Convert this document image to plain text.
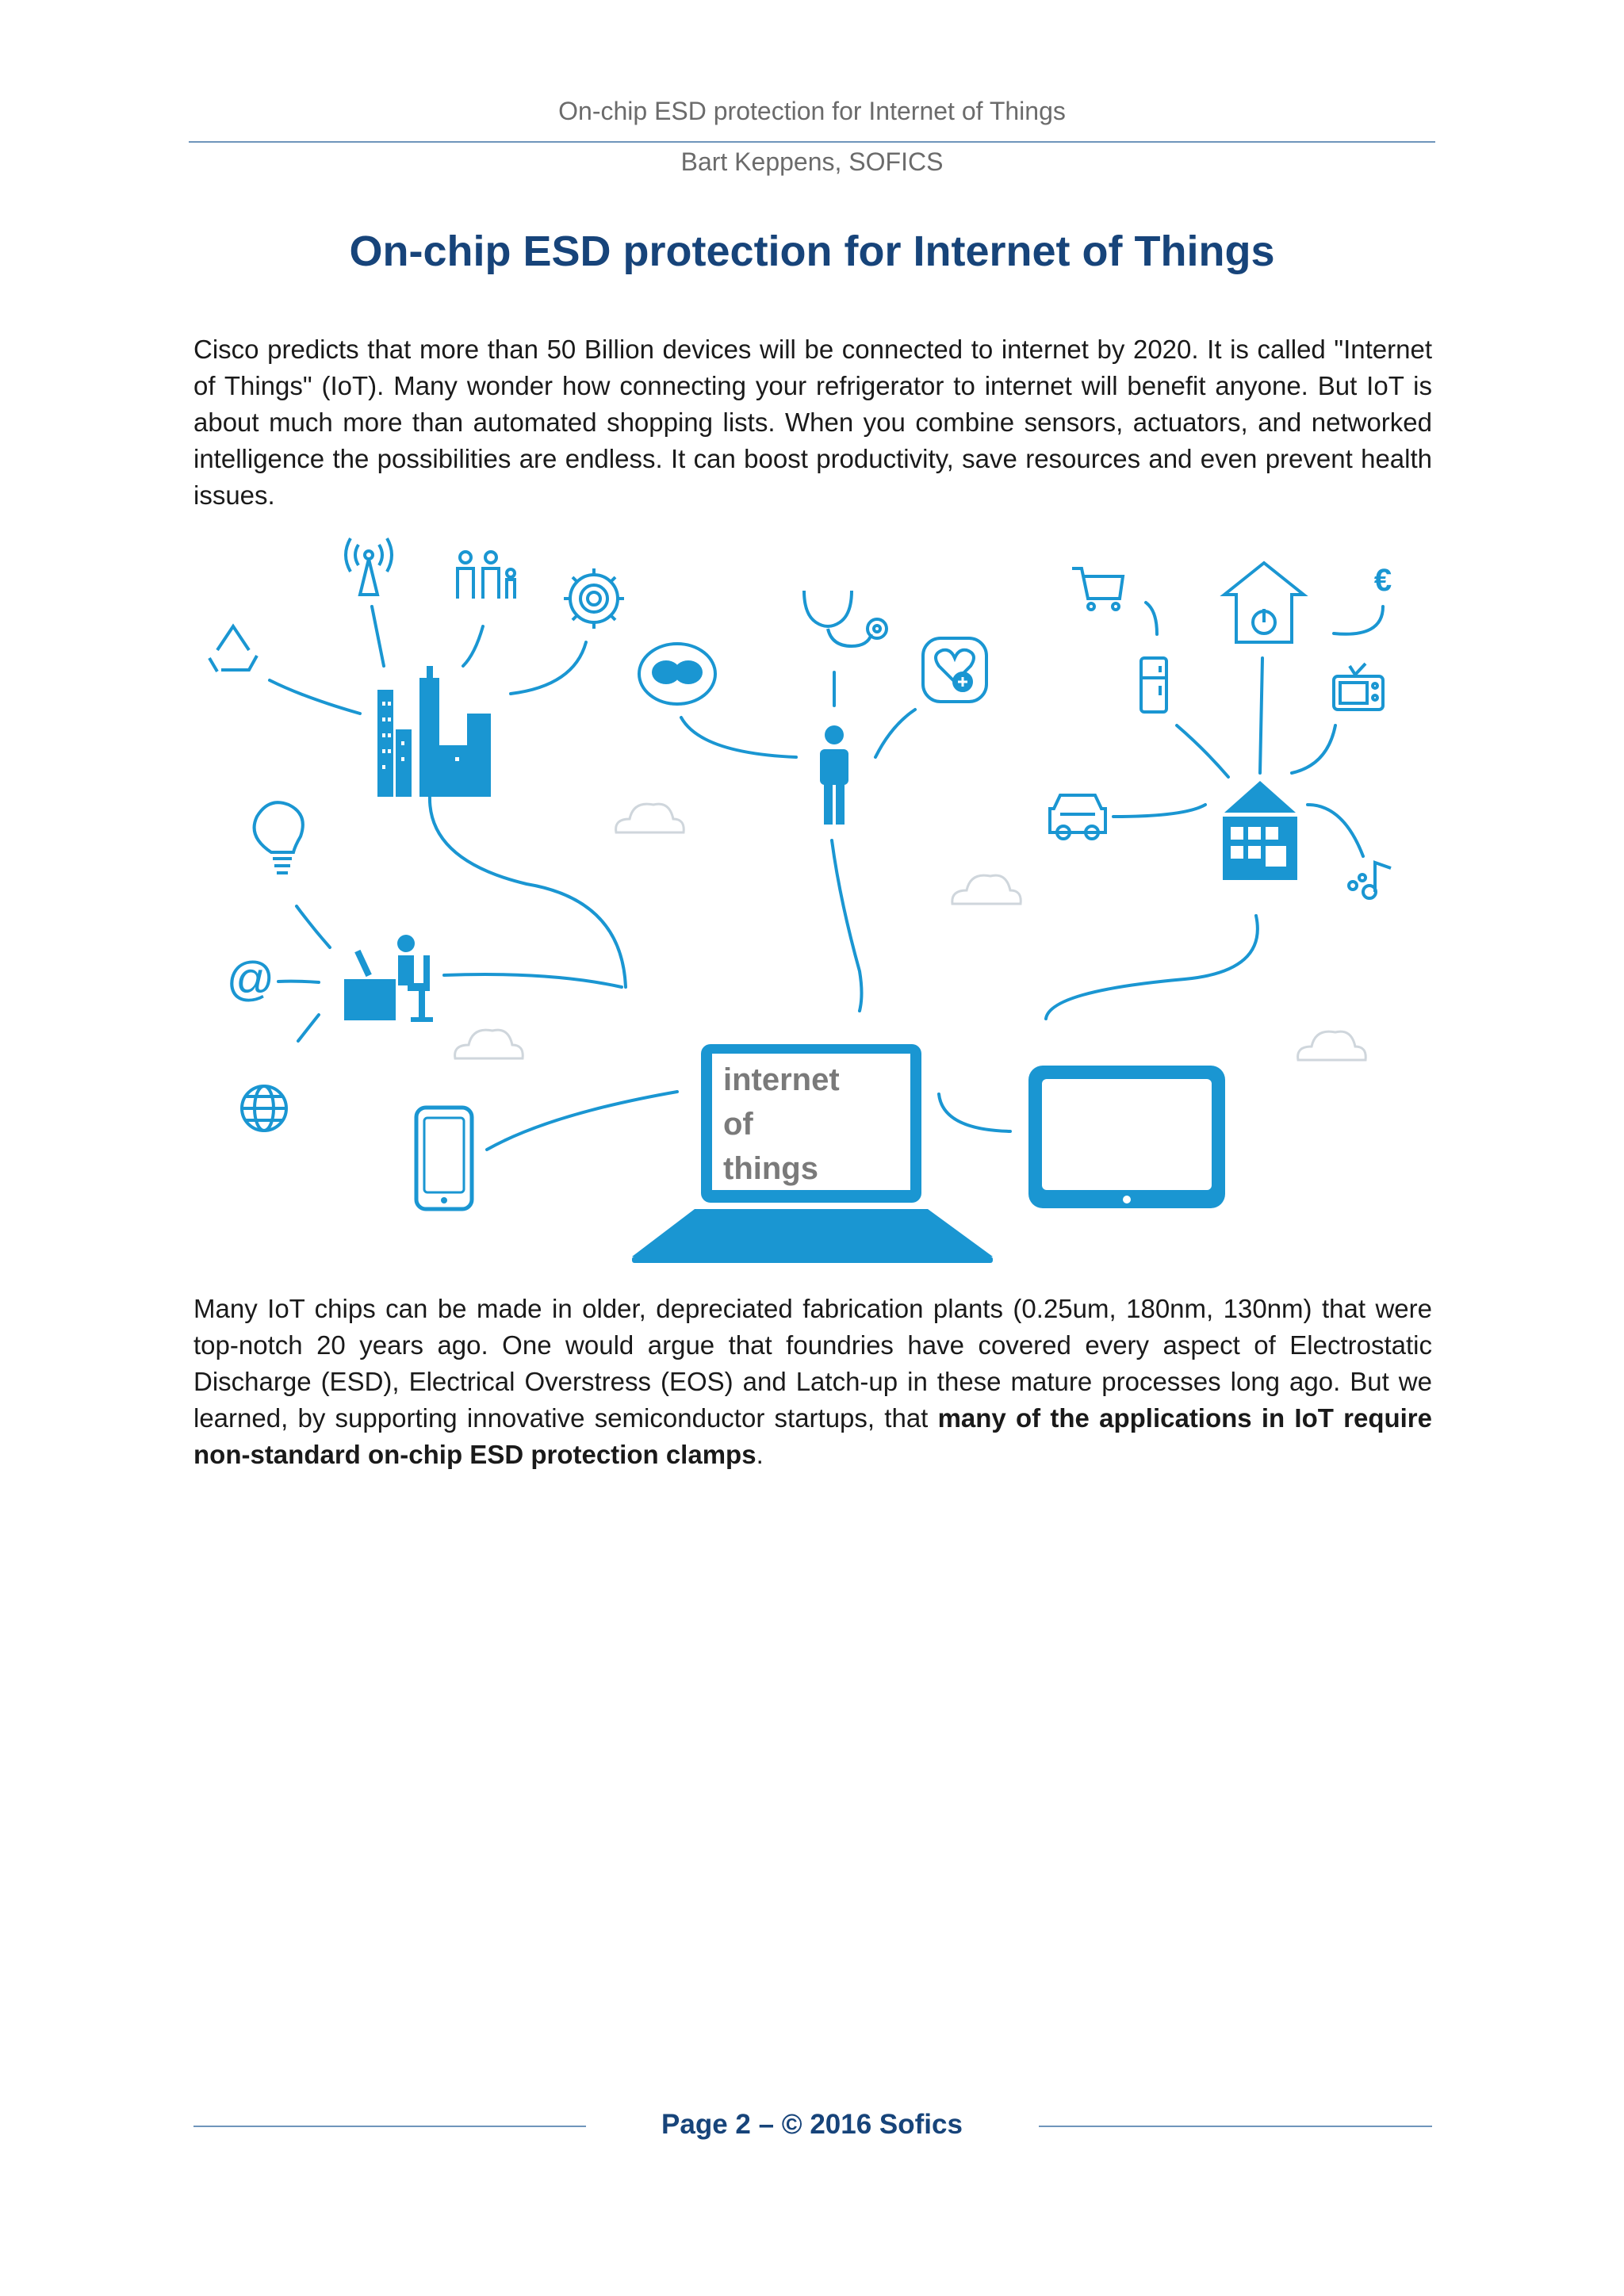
On-chip ESD protection for Internet of Things
Bart Keppens, SOFICS
On-chip ESD protection for Internet of Things

Cisco predicts that more than 50 Billion devices will be connected to internet by 2020. It is called "Internet of Things" (IoT). Many wonder how connecting your refrigerator to internet will benefit anyone. But IoT is about much more than automated shopping lists. When you combine sensors, actuators, and networked intelligence the possibilities are endless. It can boost productivity, save resources and even prevent health issues.

€
@
internet
of
things

Many IoT chips can be made in older, depreciated fabrication plants (0.25um, 180nm, 130nm) that were top-notch 20 years ago. One would argue that foundries have covered every aspect of Electrostatic Discharge (ESD), Electrical Overstress (EOS) and Latch-up in these mature processes long ago. But we learned, by supporting innovative semiconductor startups, that many of the applications in IoT require non-standard on-chip ESD protection clamps.

Page 2 – © 2016 Sofics
